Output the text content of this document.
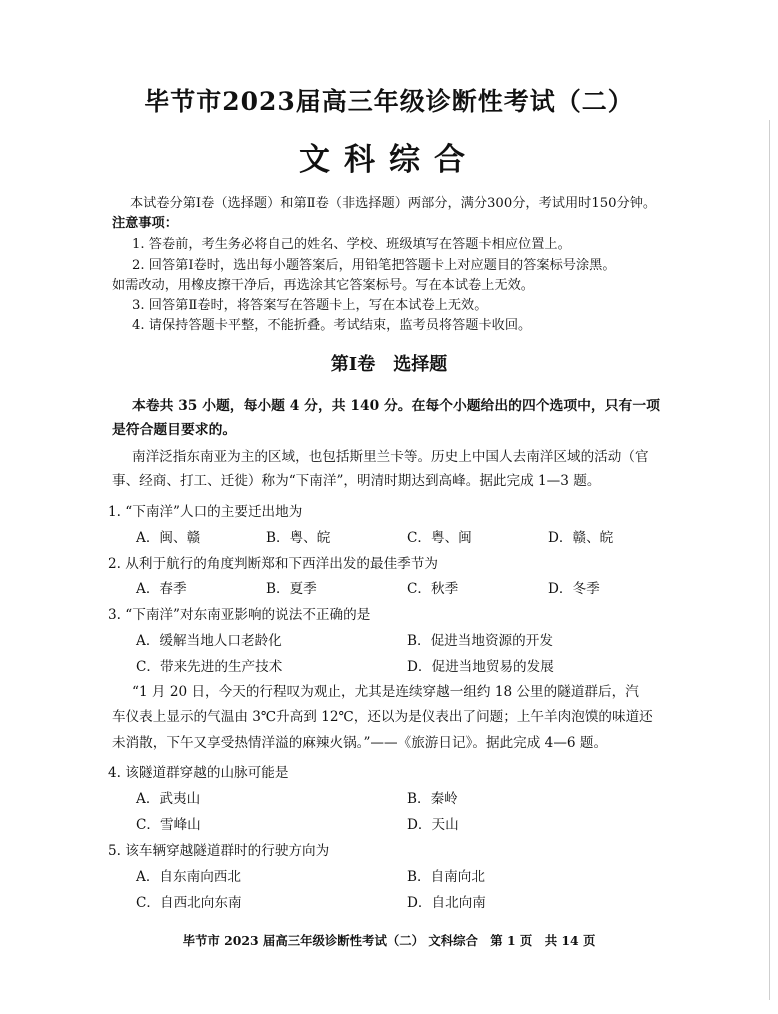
毕节市2023届高三年级诊断性考试（二）
文科综合
本试卷分第Ⅰ卷（选择题）和第Ⅱ卷（非选择题）两部分，满分300分，考试用时150分钟。
注意事项：
1. 答卷前，考生务必将自己的姓名、学校、班级填写在答题卡相应位置上。
2. 回答第Ⅰ卷时，选出每小题答案后，用铅笔把答题卡上对应题目的答案标号涂黑。
如需改动，用橡皮擦干净后，再选涂其它答案标号。写在本试卷上无效。
3. 回答第Ⅱ卷时，将答案写在答题卡上，写在本试卷上无效。
4. 请保持答题卡平整，不能折叠。考试结束，监考员将答题卡收回。
第Ⅰ卷　选择题
本卷共 35 小题，每小题 4 分，共 140 分。在每个小题给出的四个选项中，只有一项
是符合题目要求的。
南洋泛指东南亚为主的区域，也包括斯里兰卡等。历史上中国人去南洋区域的活动（官
事、经商、打工、迁徙）称为“下南洋”，明清时期达到高峰。据此完成 1—3 题。
1. “下南洋”人口的主要迁出地为
A．闽、赣	B．粤、皖	C．粤、闽	D．赣、皖
2. 从利于航行的角度判断郑和下西洋出发的最佳季节为
A．春季	B．夏季	C．秋季	D．冬季
3. “下南洋”对东南亚影响的说法不正确的是
A．缓解当地人口老龄化	B．促进当地资源的开发
C．带来先进的生产技术	D．促进当地贸易的发展
“1 月 20 日，今天的行程叹为观止，尤其是连续穿越一组约 18 公里的隧道群后，汽
车仪表上显示的气温由 3℃升高到 12℃，还以为是仪表出了问题；上午羊肉泡馍的味道还
未消散，下午又享受热情洋溢的麻辣火锅。”——《旅游日记》。据此完成 4—6 题。
4. 该隧道群穿越的山脉可能是
A．武夷山	B．秦岭
C．雪峰山	D．天山
5. 该车辆穿越隧道群时的行驶方向为
A．自东南向西北	B．自南向北
C．自西北向东南	D．自北向南
毕节市 2023 届高三年级诊断性考试（二） 文科综合　第 1 页　共 14 页
